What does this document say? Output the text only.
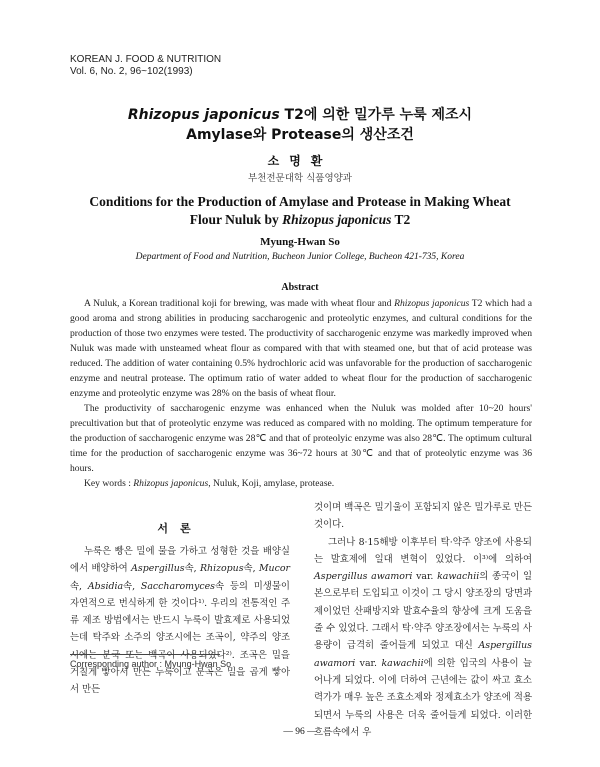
KOREAN J. FOOD & NUTRITION
Vol. 6, No. 2, 96~102(1993)
Rhizopus japonicus T2에 의한 밀가루 누룩 제조시
Amylase와 Protease의 생산조건
소명환
부천전문대학 식품영양과
Conditions for the Production of Amylase and Protease in Making Wheat
Flour Nuluk by Rhizopus japonicus T2
Myung-Hwan So
Department of Food and Nutrition, Bucheon Junior College, Bucheon 421-735, Korea
Abstract

A Nuluk, a Korean traditional koji for brewing, was made with wheat flour and Rhizopus japonicus T2 which had a good aroma and strong abilities in producing saccharogenic and proteolytic enzymes, and cultural conditions for the production of those two enzymes were tested. The productivity of saccharogenic enzyme was markedly improved when Nuluk was made with unsteamed wheat flour as compared with that with steamed one, but that of acid protease was reduced. The addition of water containing 0.5% hydrochloric acid was unfavorable for the production of saccharogenic enzyme and neutral protease. The optimum ratio of water added to wheat flour for the production of saccharogenic enzyme and proteolytic enzyme was 28% on the basis of wheat flour.

The productivity of saccharogenic enzyme was enhanced when the Nuluk was molded after 10~20 hours' precultivation but that of proteolytic enzyme was reduced as compared with no molding. The optimum temperature for the production of saccharogenic enzyme was 28℃ and that of proteolyic enzyme was also 28℃. The optimum cultural time for the production of saccharogenic enzyme was 36~72 hours at 30℃ and that of proteolytic enzyme was 36 hours.

Key words : Rhizopus japonicus, Nuluk, Koji, amylase, protease.

서론

누룩은 빵은 밀에 물을 가하고 성형한 것을 배양실에서 배양하여 Aspergillus속, Rhizopus속, Mucor속, Absidia속, Saccharomyces속 등의 미생물이 자연적으로 번식하게 한 것이다¹⁾. 우리의 전통적인 주류 제조 방법에서는 반드시 누룩이 발효제로 사용되었는데 탁주와 소주의 양조시에는 조곡이, 약주의 양조시에는 분국 또는 백곡이 사용되었다²⁾. 조곡은 밀을 거칠게 빻아서 만든 누룩이고 분곡은 밀을 곱게 빻아서 만든

것이며 백곡은 밀기울이 포함되지 않은 밀가루로 만든 것이다.

그러나 8·15해방 이후부터 탁·약주 양조에 사용되는 발효제에 일대 변혁이 있었다. 이³⁾에 의하여 Aspergillus awamori var. kawachii의 종국이 일본으로부터 도입되고 이것이 그 당시 양조장의 당면과제이었던 산패방지와 발효수율의 향상에 크게 도움을 줄 수 있었다. 그래서 탁·약주 양조장에서는 누룩의 사용량이 급격히 줄어들게 되었고 대신 Aspergillus awamori var. kawachii에 의한 입국의 사용이 늘어나게 되었다. 이에 더하여 근년에는 값이 싸고 효소력가가 매우 높은 조효소제와 정제효소가 양조에 적용되면서 누룩의 사용은 더욱 줄어들게 되었다. 이러한 흐름속에서 우

Corresponding author : Myung-Hwan So
— 96 —
